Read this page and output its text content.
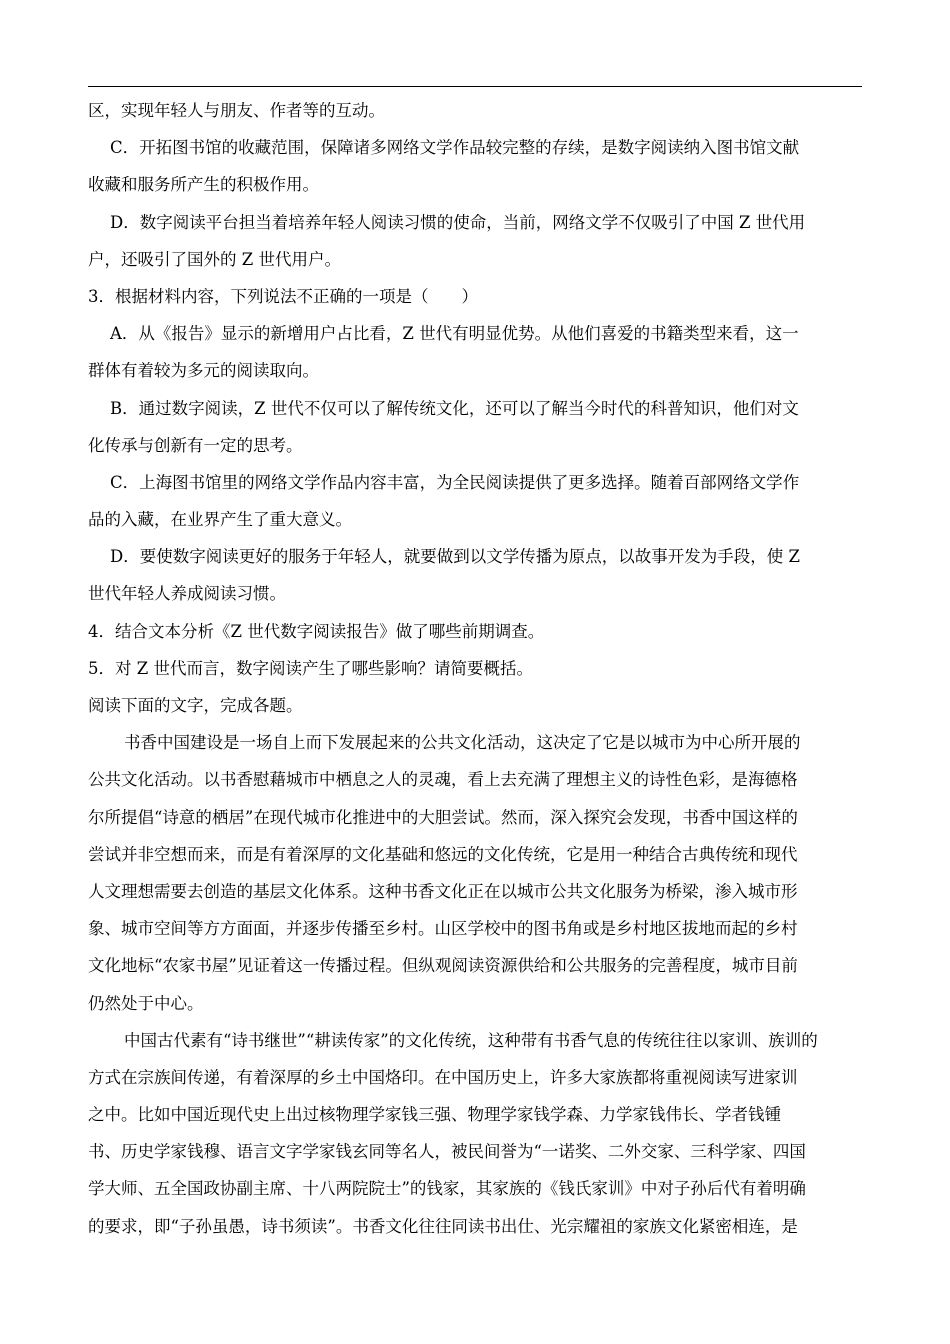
区，实现年轻人与朋友、作者等的互动。
C．开拓图书馆的收藏范围，保障诸多网络文学作品较完整的存续，是数字阅读纳入图书馆文献
收藏和服务所产生的积极作用。
D．数字阅读平台担当着培养年轻人阅读习惯的使命，当前，网络文学不仅吸引了中国 Z 世代用
户，还吸引了国外的 Z 世代用户。
3．根据材料内容，下列说法不正确的一项是（　　）
A．从《报告》显示的新增用户占比看，Z 世代有明显优势。从他们喜爱的书籍类型来看，这一
群体有着较为多元的阅读取向。
B．通过数字阅读，Z 世代不仅可以了解传统文化，还可以了解当今时代的科普知识，他们对文
化传承与创新有一定的思考。
C．上海图书馆里的网络文学作品内容丰富，为全民阅读提供了更多选择。随着百部网络文学作
品的入藏，在业界产生了重大意义。
D．要使数字阅读更好的服务于年轻人，就要做到以文学传播为原点，以故事开发为手段，使 Z
世代年轻人养成阅读习惯。
4．结合文本分析《Z 世代数字阅读报告》做了哪些前期调查。
5．对 Z 世代而言，数字阅读产生了哪些影响？请简要概括。
阅读下面的文字，完成各题。
书香中国建设是一场自上而下发展起来的公共文化活动，这决定了它是以城市为中心所开展的
公共文化活动。以书香慰藉城市中栖息之人的灵魂，看上去充满了理想主义的诗性色彩，是海德格
尔所提倡“诗意的栖居”在现代城市化推进中的大胆尝试。然而，深入探究会发现，书香中国这样的
尝试并非空想而来，而是有着深厚的文化基础和悠远的文化传统，它是用一种结合古典传统和现代
人文理想需要去创造的基层文化体系。这种书香文化正在以城市公共文化服务为桥梁，渗入城市形
象、城市空间等方方面面，并逐步传播至乡村。山区学校中的图书角或是乡村地区拔地而起的乡村
文化地标“农家书屋”见证着这一传播过程。但纵观阅读资源供给和公共服务的完善程度，城市目前
仍然处于中心。
中国古代素有“诗书继世”“耕读传家”的文化传统，这种带有书香气息的传统往往以家训、族训的
方式在宗族间传递，有着深厚的乡土中国烙印。在中国历史上，许多大家族都将重视阅读写进家训
之中。比如中国近现代史上出过核物理学家钱三强、物理学家钱学森、力学家钱伟长、学者钱锺
书、历史学家钱穆、语言文字学家钱玄同等名人，被民间誉为“一诺奖、二外交家、三科学家、四国
学大师、五全国政协副主席、十八两院院士”的钱家，其家族的《钱氏家训》中对子孙后代有着明确
的要求，即“子孙虽愚，诗书须读”。书香文化往往同读书出仕、光宗耀祖的家族文化紧密相连，是
